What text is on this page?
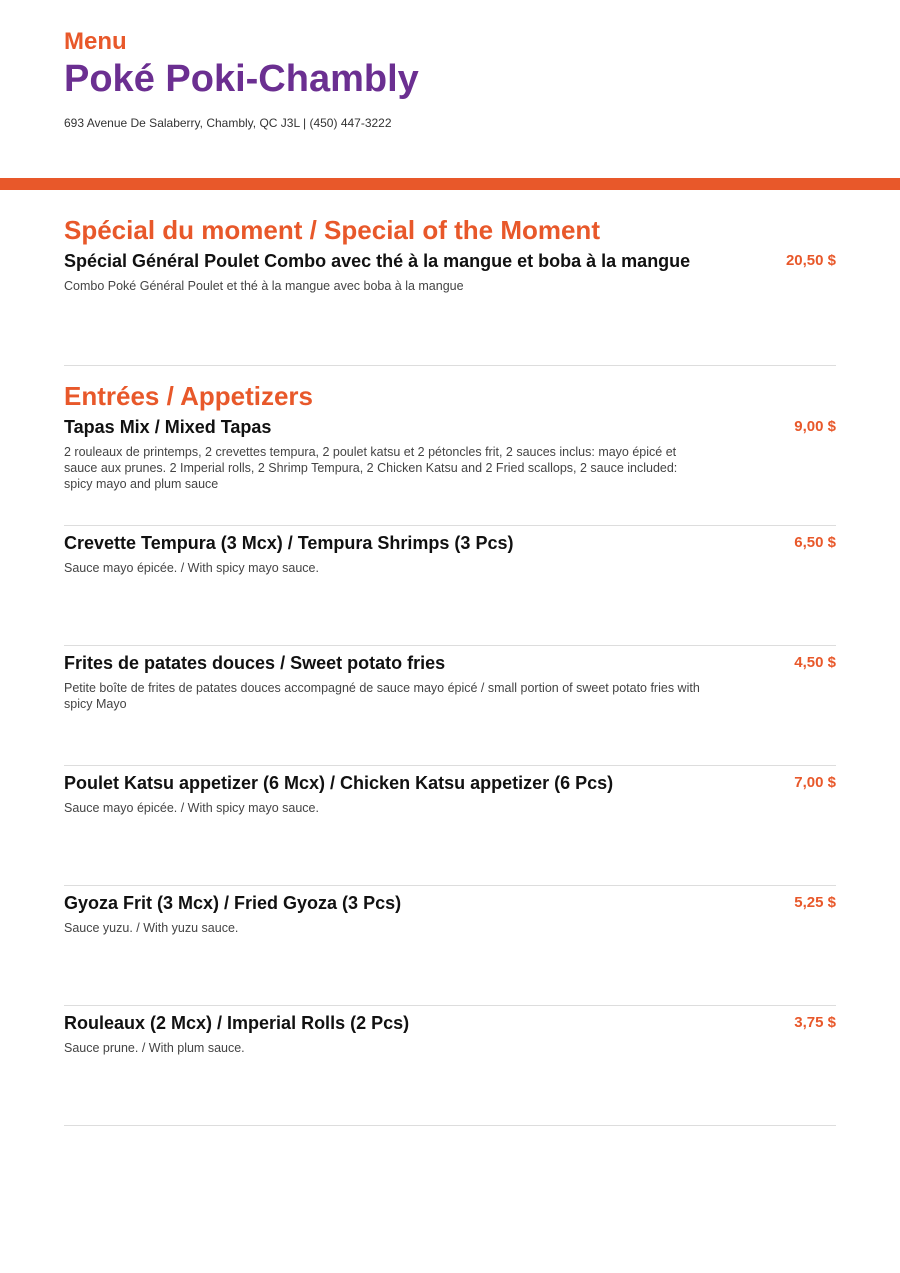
Menu
Poké Poki-Chambly
693 Avenue De Salaberry, Chambly, QC J3L | (450) 447-3222
Spécial du moment / Special of the Moment
Spécial Général Poulet Combo avec thé à la mangue et boba à la mangue	20,50 $
Combo Poké Général Poulet et thé à la mangue avec boba à la mangue
Entrées / Appetizers
Tapas Mix / Mixed Tapas	9,00 $
2 rouleaux de printemps, 2 crevettes tempura, 2 poulet katsu et 2 pétoncles frit, 2 sauces inclus: mayo épicé et sauce aux prunes. 2 Imperial rolls, 2 Shrimp Tempura, 2 Chicken Katsu and 2 Fried scallops, 2 sauce included: spicy mayo and plum sauce
Crevette Tempura (3 Mcx) / Tempura Shrimps (3 Pcs)	6,50 $
Sauce mayo épicée. / With spicy mayo sauce.
Frites de patates douces / Sweet potato fries	4,50 $
Petite boîte de frites de patates douces accompagné de sauce mayo épicé / small portion of sweet potato fries with spicy Mayo
Poulet Katsu appetizer (6 Mcx) / Chicken Katsu appetizer (6 Pcs)	7,00 $
Sauce mayo épicée. / With spicy mayo sauce.
Gyoza Frit (3 Mcx) / Fried Gyoza (3 Pcs)	5,25 $
Sauce yuzu. / With yuzu sauce.
Rouleaux (2 Mcx) / Imperial Rolls (2 Pcs)	3,75 $
Sauce prune. / With plum sauce.
